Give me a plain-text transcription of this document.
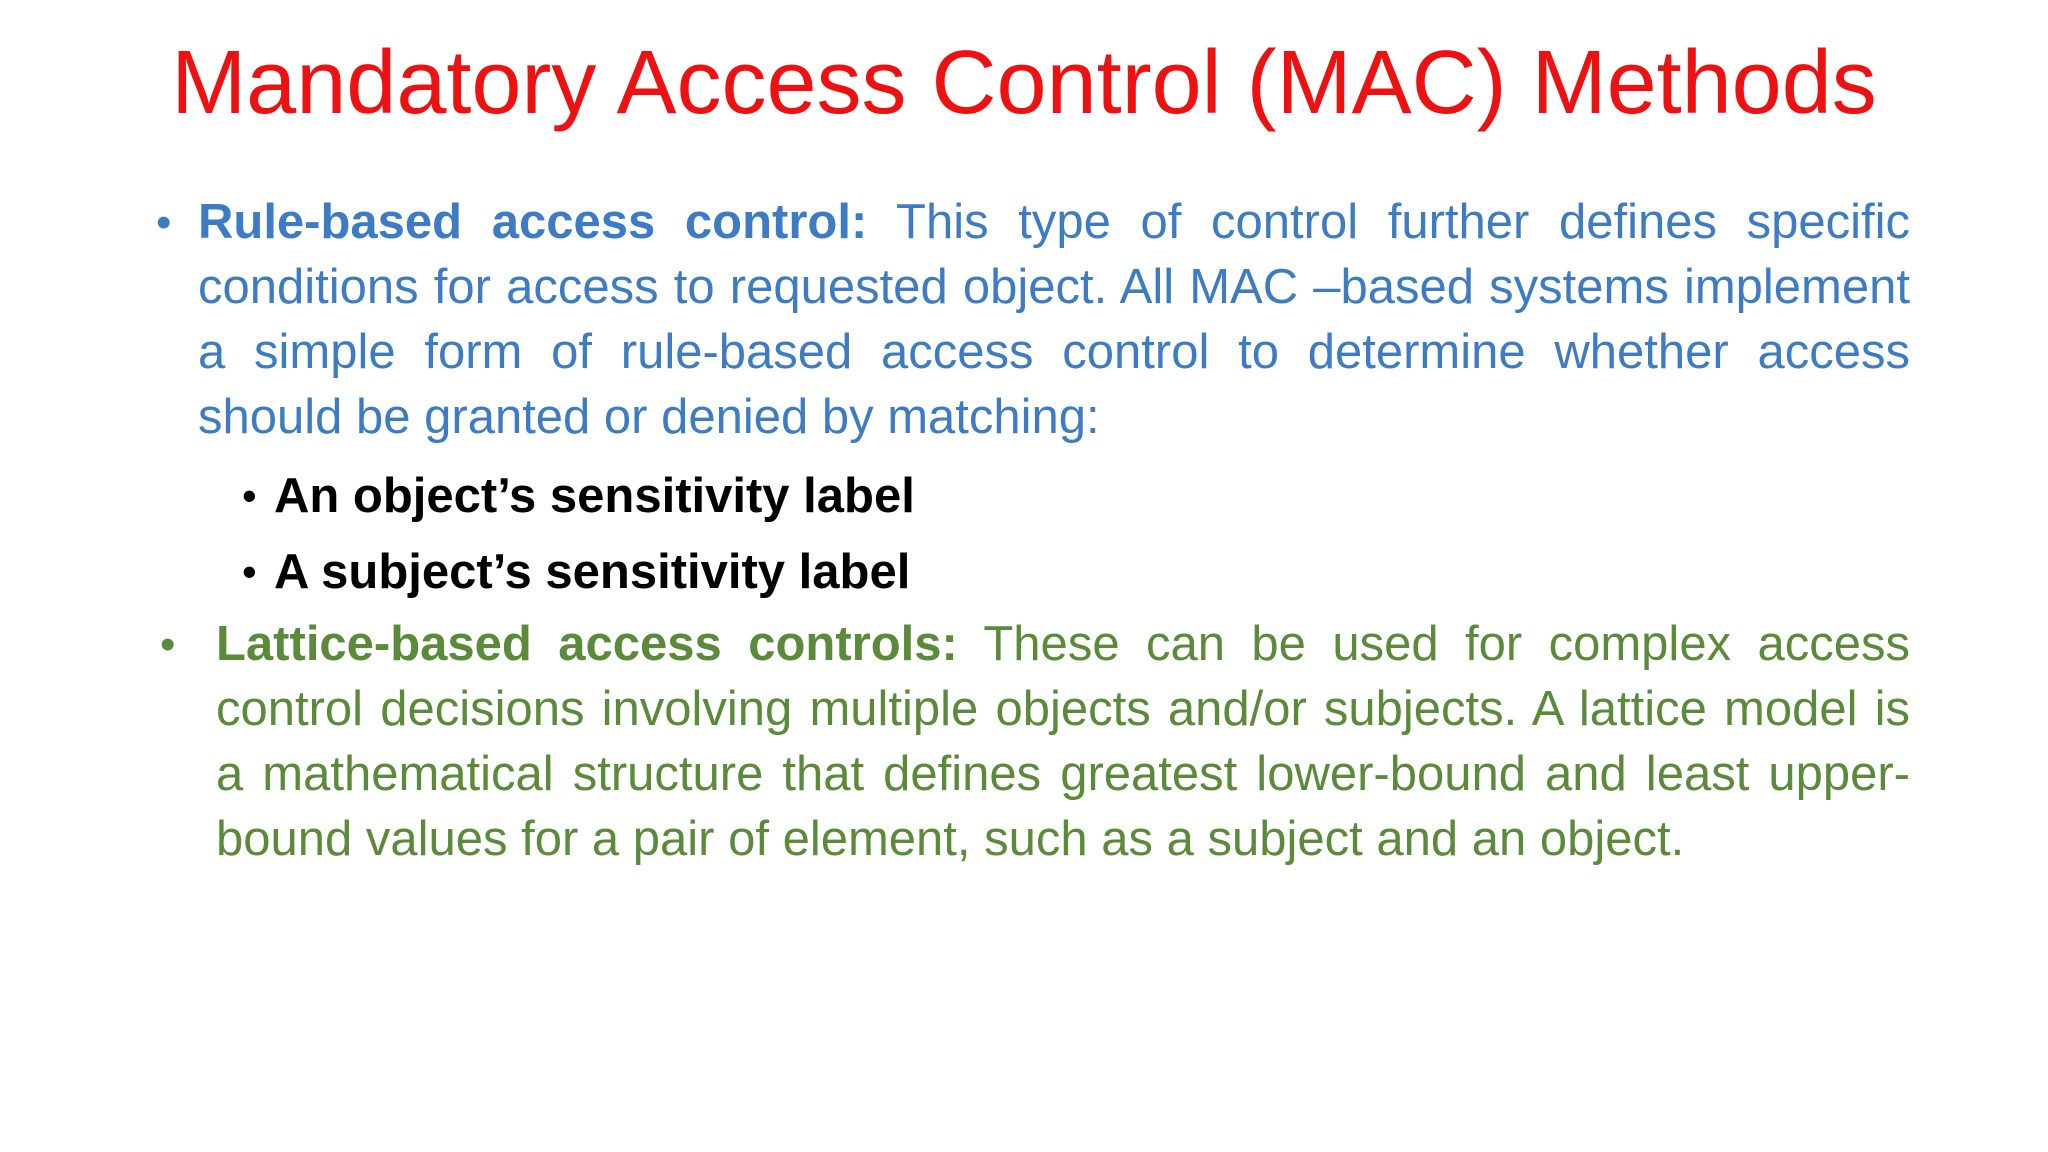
Mandatory Access Control (MAC) Methods
• Rule-based access control: This type of control further defines specific conditions for access to requested object. All MAC –based systems implement a simple form of rule-based access control to determine whether access should be granted or denied by matching:
• An object’s sensitivity label
• A subject’s sensitivity label
• Lattice-based access controls: These can be used for complex access control decisions involving multiple objects and/or subjects. A lattice model is a mathematical structure that defines greatest lower-bound and least upper-bound values for a pair of element, such as a subject and an object.
